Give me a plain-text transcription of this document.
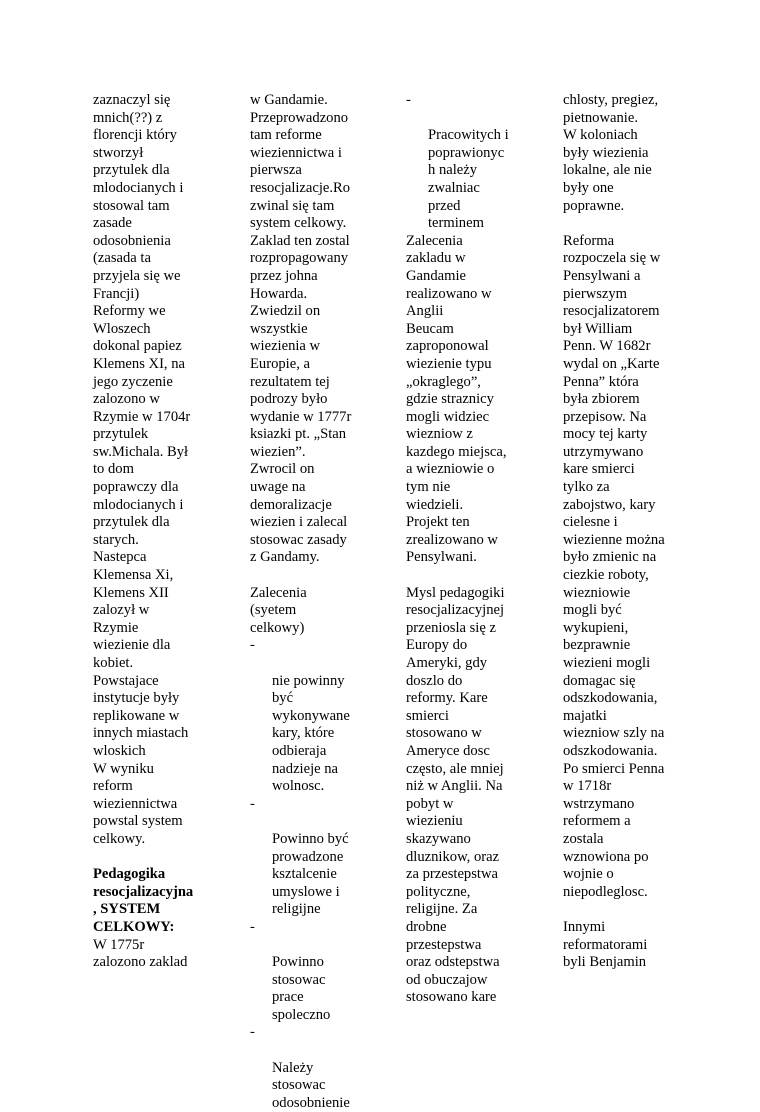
zaznaczyl się
mnich(??) z
florencji który
stworzył
przytulek dla
mlodocianych i
stosowal tam
zasade
odosobnienia
(zasada ta
przyjela się we
Francji)
Reformy we
Wloszech
dokonal papiez
Klemens XI, na
jego zyczenie
zalozono w
Rzymie w 1704r
przytulek
sw.Michala. Był
to dom
poprawczy dla
mlodocianych i
przytulek dla
starych.
Nastepca
Klemensa Xi,
Klemens XII
zalozył w
Rzymie
wiezienie dla
kobiet.
Powstajace
instytucje były
replikowane w
innych miastach
wloskich
W wyniku
reform
wieziennictwa
powstal system
celkowy.

Pedagogika
resocjalizacyjna
, SYSTEM
CELKOWY:

W 1775r
zalozono zaklad

w Gandamie.
Przeprowadzono
tam reforme
wieziennictwa i
pierwsza
resocjalizacje.Ro
zwinal się tam
system celkowy.
Zaklad ten zostal
rozpropagowany
przez johna
Howarda.
Zwiedzil on
wszystkie
wiezienia w
Europie, a
rezultatem tej
podrozy było
wydanie w 1777r
ksiazki pt. „Stan
wiezien”.
Zwrocil on
uwage na
demoralizacje
wiezien i zalecal
stosowac zasady
z Gandamy.

Zalecenia
(syetem
celkowy)

-

nie powinny
być
wykonywane
kary, które
odbieraja
nadzieje na
wolnosc.

-

Powinno być
prowadzone
ksztalcenie
umyslowe i
religijne

-

Powinno
stosowac
prace
spoleczno

-

Należy
stosowac
odosobnienie

-

Pracowitych i
poprawionyc
h należy
zwalniac
przed
terminem

Zalecenia
zakladu w
Gandamie
realizowano w
Anglii
Beucam
zaproponowal
wiezienie typu
„okraglego”,
gdzie straznicy
mogli widziec
wiezniow z
kazdego miejsca,
a wiezniowie o
tym nie
wiedzieli.
Projekt ten
zrealizowano w
Pensylwani.

Mysl pedagogiki
resocjalizacyjnej
przeniosla się z
Europy do
Ameryki, gdy
doszlo do
reformy. Kare
smierci
stosowano w
Ameryce dosc
często, ale mniej
niż w Anglii. Na
pobyt w
wiezieniu
skazywano
dluznikow, oraz
za przestepstwa
polityczne,
religijne. Za
drobne
przestepstwa
oraz odstepstwa
od obuczajow
stosowano kare

chlosty, pregiez,
pietnowanie.
W koloniach
były wiezienia
lokalne, ale nie
były one
poprawne.

Reforma
rozpoczela się w
Pensylwani a
pierwszym
resocjalizatorem
był William
Penn. W 1682r
wydal on „Karte
Penna” która
była zbiorem
przepisow. Na
mocy tej karty
utrzymywano
kare smierci
tylko za
zabojstwo, kary
cielesne i
wiezienne można
było zmienic na
ciezkie roboty,
wiezniowie
mogli być
wykupieni,
bezprawnie
wiezieni mogli
domagac się
odszkodowania,
majatki
wiezniow szly na
odszkodowania.
Po smierci Penna
w 1718r
wstrzymano
reformem a
zostala
wznowiona po
wojnie o
niepodleglosc.

Innymi
reformatorami
byli Benjamin
